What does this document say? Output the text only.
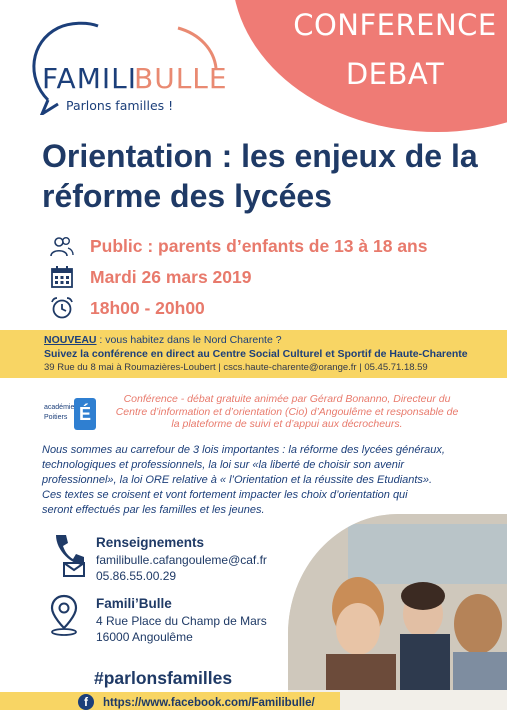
CONFERENCE
DEBAT
FAMILI
BULLE
Parlons familles !
Orientation : les enjeux de la
réforme des lycées
Public : parents d’enfants de 13 à 18 ans
Mardi 26 mars 2019
18h00 - 20h00
NOUVEAU : vous habitez dans le Nord Charente ?
Suivez la conférence en direct au Centre Social Culturel et Sportif de Haute-Charente
39 Rue du 8 mai à Roumazières-Loubert | cscs.haute-charente@orange.fr | 05.45.71.18.59
académie
Poitiers É
Conférence - débat gratuite animée par Gérard Bonanno, Directeur du
Centre d’information et d’orientation (Cio) d’Angoulême et responsable de
la plateforme de suivi et d’appui aux décrocheurs.
Nous sommes au carrefour de 3 lois importantes : la réforme des lycées généraux,
technologiques et professionnels, la loi sur «la liberté de choisir son avenir
professionnel», la loi ORE relative à « l’Orientation et la réussite des Etudiants».
Ces textes se croisent et vont fortement impacter les choix d’orientation qui
seront effectués par les familles et les jeunes.
Renseignements
familibulle.cafangouleme@caf.fr
05.86.55.00.29
Famili’Bulle
4 Rue Place du Champ de Mars
16000 Angoulême
#parlonsfamilles
f	https://www.facebook.com/Familibulle/
